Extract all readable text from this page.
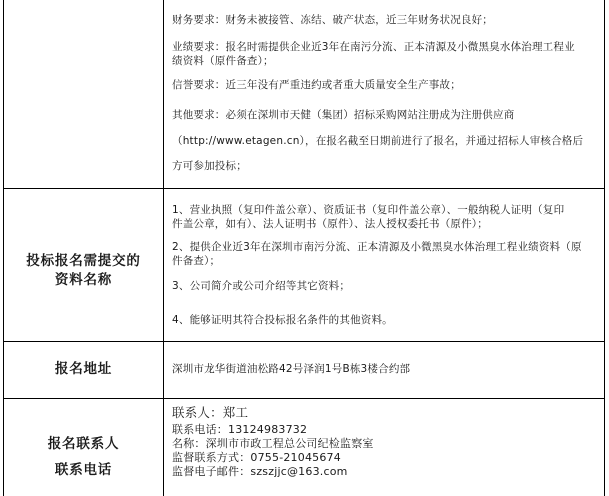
财务要求：财务未被接管、冻结、破产状态，近三年财务状况良好；
业绩要求：报名时需提供企业近3年在南污分流、正本清源及小微黑臭水体治理工程业
绩资料（原件备查）；
信誉要求：近三年没有严重违约或者重大质量安全生产事故；
其他要求：必须在深圳市天健（集团）招标采购网站注册成为注册供应商
（http://www.etagen.cn），在报名截至日期前进行了报名，并通过招标人审核合格后
方可参加投标；
投标报名需提交的
资料名称
1、营业执照（复印件盖公章）、资质证书（复印件盖公章）、一般纳税人证明（复印
件盖公章，如有）、法人证明书（原件）、法人授权委托书（原件）；
2、提供企业近3年在深圳市南污分流、正本清源及小微黑臭水体治理工程业绩资料（原
件备查）；
3、公司简介或公司介绍等其它资料；
4、能够证明其符合投标报名条件的其他资料。
报名地址	深圳市龙华街道油松路42号泽润1号B栋3楼合约部
报名联系人
联系电话
联系人：郑工
联系电话：13124983732
名称：深圳市市政工程总公司纪检监察室
监督联系方式：0755-21045674
监督电子邮件：szszjjc@163.com
